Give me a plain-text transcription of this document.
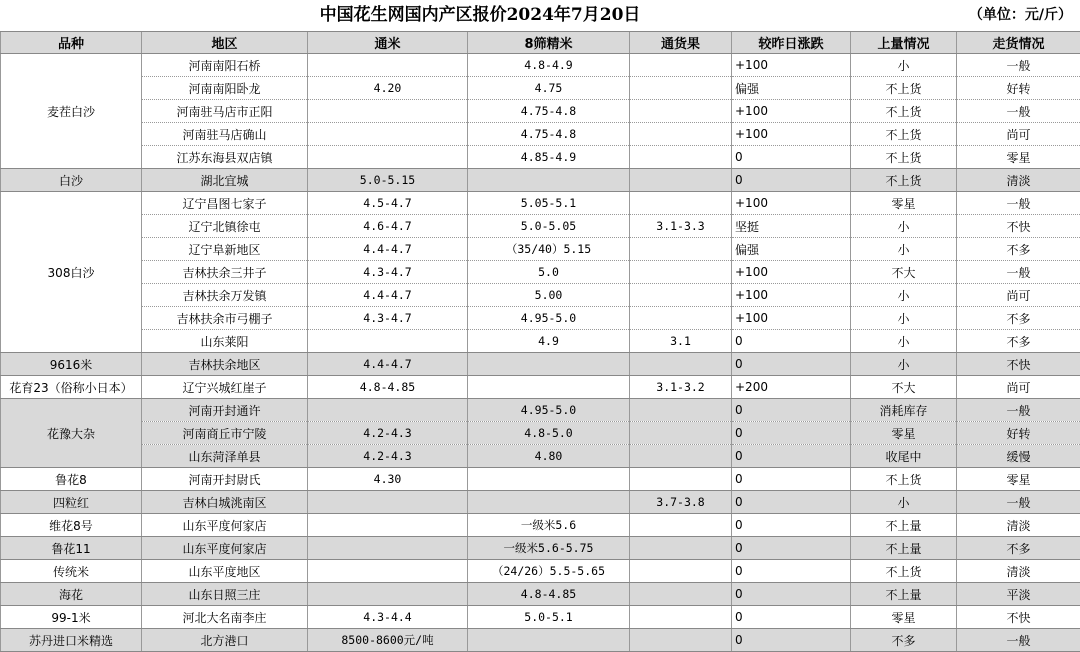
中国花生网国内产区报价2024年7月20日	（单位：元/斤）
品种	地区	通米	8筛精米	通货果	较昨日涨跌	上量情况	走货情况
麦茬白沙	河南南阳石桥		4.8-4.9		+100	小	一般
	河南南阳卧龙	4.20	4.75		偏强	不上货	好转
	河南驻马店市正阳		4.75-4.8		+100	不上货	一般
	河南驻马店确山		4.75-4.8		+100	不上货	尚可
	江苏东海县双店镇		4.85-4.9		0	不上货	零星
白沙	湖北宜城	5.0-5.15			0	不上货	清淡
308白沙	辽宁昌图七家子	4.5-4.7	5.05-5.1		+100	零星	一般
	辽宁北镇徐屯	4.6-4.7	5.0-5.05	3.1-3.3	坚挺	小	不快
	辽宁阜新地区	4.4-4.7	（35/40）5.15		偏强	小	不多
	吉林扶余三井子	4.3-4.7	5.0		+100	不大	一般
	吉林扶余万发镇	4.4-4.7	5.00		+100	小	尚可
	吉林扶余市弓棚子	4.3-4.7	4.95-5.0		+100	小	不多
	山东莱阳		4.9	3.1	0	小	不多
9616米	吉林扶余地区	4.4-4.7			0	小	不快
花育23（俗称小日本）	辽宁兴城红崖子	4.8-4.85		3.1-3.2	+200	不大	尚可
花豫大杂	河南开封通许		4.95-5.0		0	消耗库存	一般
	河南商丘市宁陵	4.2-4.3	4.8-5.0		0	零星	好转
	山东菏泽单县	4.2-4.3	4.80		0	收尾中	缓慢
鲁花8	河南开封尉氏	4.30			0	不上货	零星
四粒红	吉林白城洮南区			3.7-3.8	0	小	一般
维花8号	山东平度何家店		一级米5.6		0	不上量	清淡
鲁花11	山东平度何家店		一级米5.6-5.75		0	不上量	不多
传统米	山东平度地区		（24/26）5.5-5.65		0	不上货	清淡
海花	山东日照三庄		4.8-4.85		0	不上量	平淡
99-1米	河北大名南李庄	4.3-4.4	5.0-5.1		0	零星	不快
苏丹进口米精选	北方港口	8500-8600元/吨			0	不多	一般
